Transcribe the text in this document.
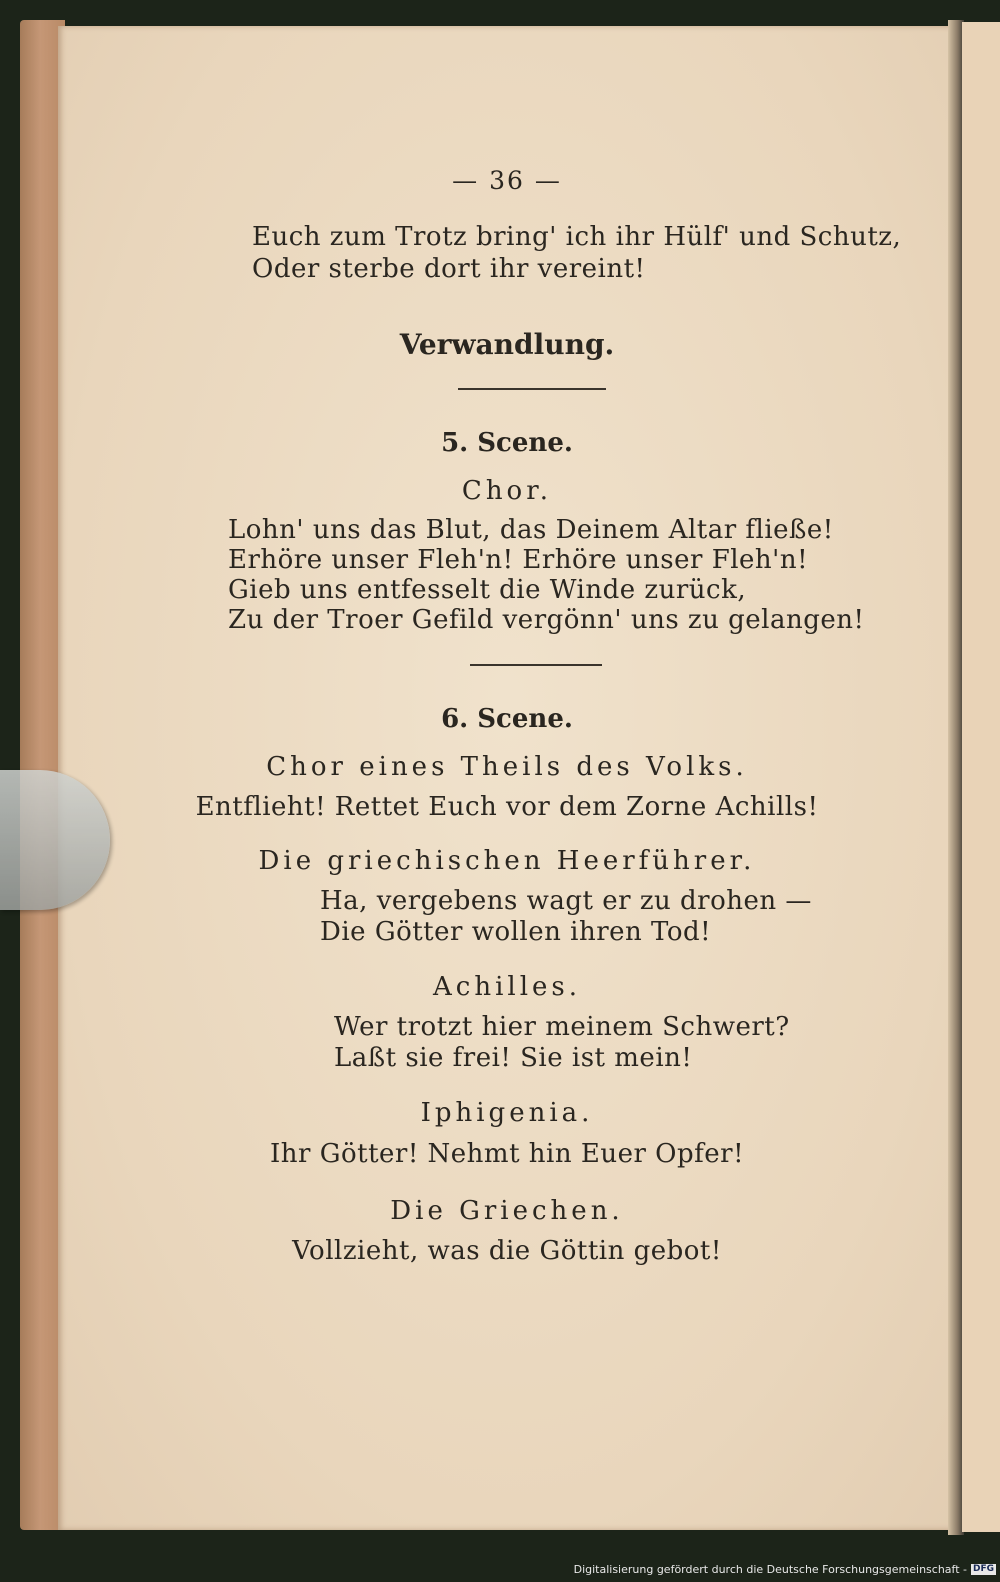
— 36 —
Euch zum Trotz bring' ich ihr Hülf' und Schutz,
Oder sterbe dort ihr vereint!
Verwandlung.
5. Scene.
Chor.
Lohn' uns das Blut, das Deinem Altar fließe!
Erhöre unser Fleh'n! Erhöre unser Fleh'n!
Gieb uns entfesselt die Winde zurück,
Zu der Troer Gefild vergönn' uns zu gelangen!
6. Scene.
Chor eines Theils des Volks.
Entflieht! Rettet Euch vor dem Zorne Achills!
Die griechischen Heerführer.
Ha, vergebens wagt er zu drohen —
Die Götter wollen ihren Tod!
Achilles.
Wer trotzt hier meinem Schwert?
Laßt sie frei! Sie ist mein!
Iphigenia.
Ihr Götter! Nehmt hin Euer Opfer!
Die Griechen.
Vollzieht, was die Göttin gebot!
Digitalisierung gefördert durch die Deutsche Forschungsgemeinschaft - DFG
